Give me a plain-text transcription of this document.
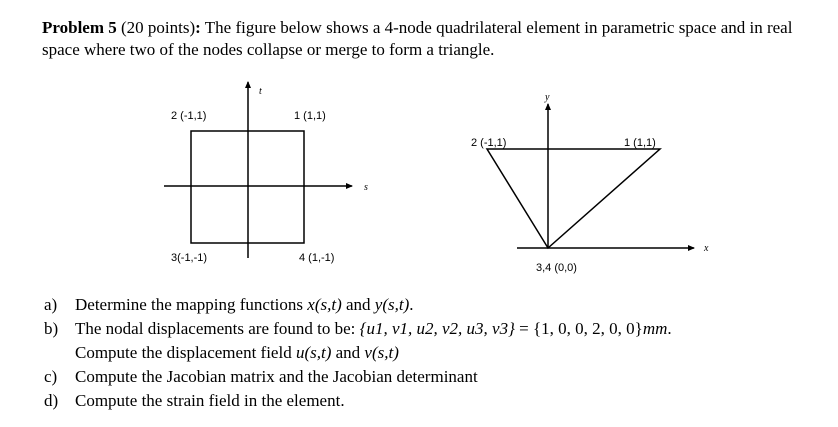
Problem 5 (20 points): The figure below shows a 4-node quadrilateral element in parametric space and in real space where two of the nodes collapse or merge to form a triangle.

t
s
2 (-1,1)	1 (1,1)
3(-1,-1)	4 (1,-1)
y
x
2 (-1,1)	1 (1,1)
3,4 (0,0)
a) Determine the mapping functions x(s,t) and y(s,t).
b) The nodal displacements are found to be: {u1, v1, u2, v2, u3, v3} = {1, 0, 0, 2, 0, 0}mm.
Compute the displacement field u(s,t) and v(s,t)
c) Compute the Jacobian matrix and the Jacobian determinant
d) Compute the strain field in the element.
